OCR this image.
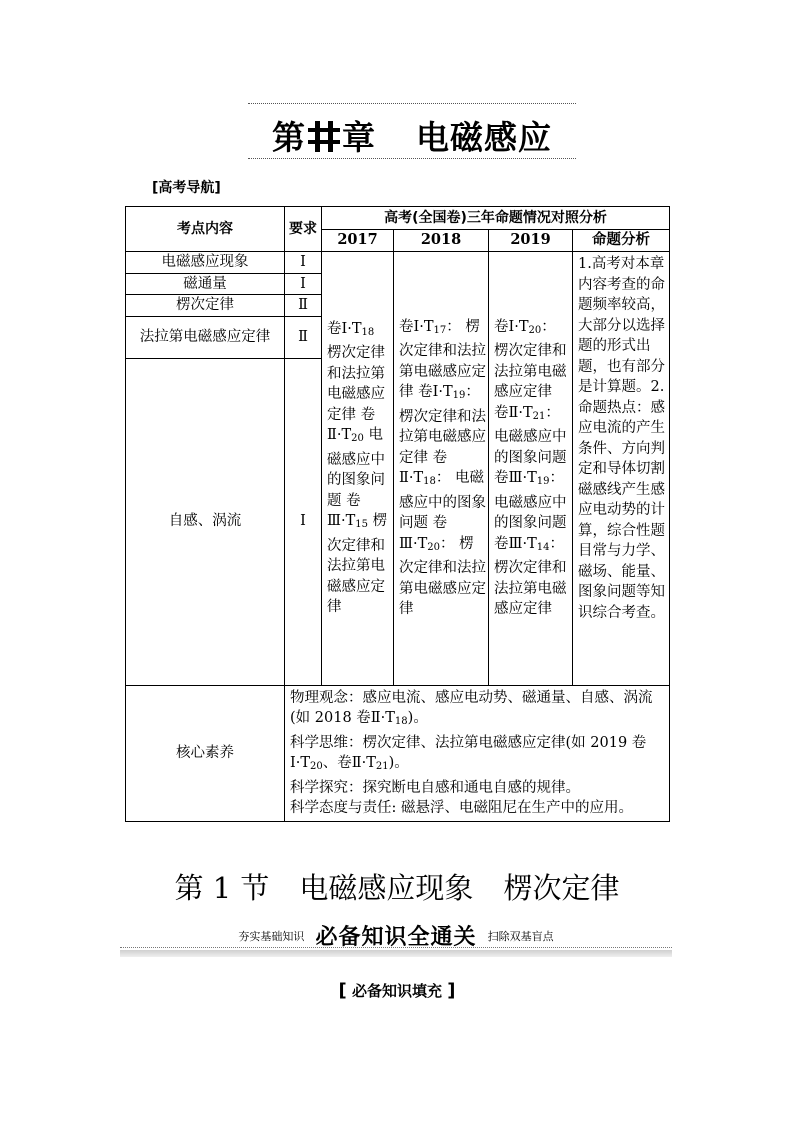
第 章 电磁感应
[高考导航]
考点内容	要求	高考(全国卷)三年命题情况对照分析			
		2017	2018	2019	命题分析
电磁感应现象	Ⅰ	卷$Ⅰ\cdot T_{18}$ 楞次定律和法拉第电磁感应定律 卷$Ⅱ\cdot T_{20}$ 电磁感应中的图象问题 卷$Ⅲ\cdot T_{15}$ 楞次定律和法拉第电磁感应定律	卷$Ⅰ\cdot T_{17}$： 楞次定律和法拉第电磁感应定律 卷$Ⅰ\cdot T_{19}$： 楞次定律和法拉第电磁感应定律 卷$Ⅱ\cdot T_{18}$： 电磁感应中的图象问题 卷$Ⅲ\cdot T_{20}$： 楞次定律和法拉第电磁感应定律	卷$Ⅰ\cdot T_{20}$： 楞次定律和法拉第电磁感应定律 卷$Ⅱ\cdot T_{21}$： 电磁感应中的图象问题 卷$Ⅲ\cdot T_{19}$： 电磁感应中的图象问题 卷$Ⅲ\cdot T_{14}$： 楞次定律和法拉第电磁感应定律	1.高考对本章内容考查的命题频率较高，大部分以选择题的形式出题，也有部分是计算题。2.命题热点：感应电流的产生条件、方向判定和导体切割磁感线产生感应电动势的计算，综合性题目常与力学、磁场、能量、图象问题等知识综合考查。
磁通量	Ⅰ				
楞次定律	Ⅱ				
法拉第电磁感应定律	Ⅱ				
自感、涡流	Ⅰ				
核心素养	物理观念：感应电流、感应电动势、磁通量、自感、涡流(如 2018 卷$Ⅱ\cdot T_{18}$)。
科学思维：楞次定律、法拉第电磁感应定律(如 2019 卷$Ⅰ\cdot T_{20}$、卷$Ⅱ\cdot T_{21}$)。
科学探究：探究断电自感和通电自感的规律。
科学态度与责任: 磁悬浮、电磁阻尼在生产中的应用。				
第 1 节 电磁感应现象 楞次定律
$^{夯实基础知识}$ 必备知识全通关 $^{扫除双基盲点}$
[ 必备知识填充 ]
